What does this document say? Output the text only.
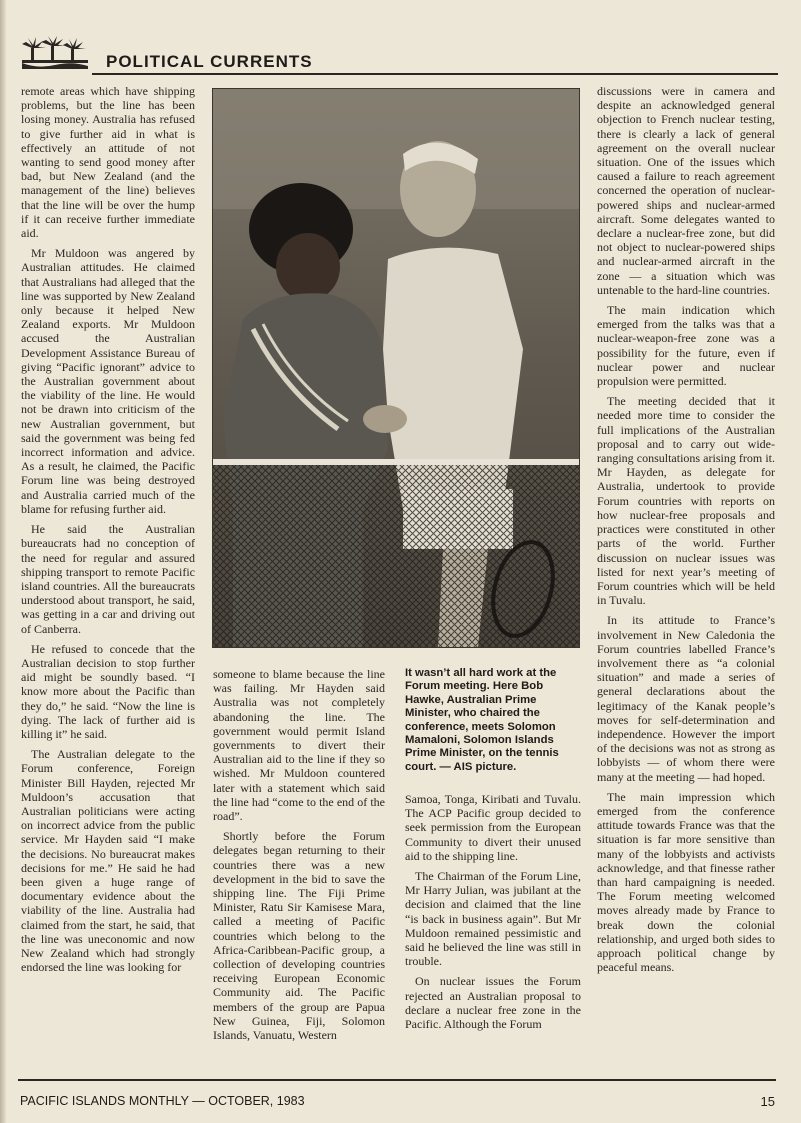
POLITICAL CURRENTS

remote areas which have shipping problems, but the line has been losing money. Australia has refused to give further aid in what is effectively an attitude of not wanting to send good money after bad, but New Zealand (and the management of the line) believes that the line will be over the hump if it can receive further immediate aid.

Mr Muldoon was angered by Australian attitudes. He claimed that Australians had alleged that the line was supported by New Zealand only because it helped New Zealand exports. Mr Muldoon accused the Australian Development Assistance Bureau of giving “Pacific ignorant” advice to the Australian government about the viability of the line. He would not be drawn into criticism of the new Australian government, but said the government was being fed incorrect information and advice. As a result, he claimed, the Pacific Forum line was being destroyed and Australia carried much of the blame for refusing further aid.

He said the Australian bureaucrats had no conception of the need for regular and assured shipping transport to remote Pacific island countries. All the bureaucrats understood about transport, he said, was getting in a car and driving out of Canberra.

He refused to concede that the Australian decision to stop further aid might be soundly based. “I know more about the Pacific than they do,” he said. “Now the line is dying. The lack of further aid is killing it” he said.

The Australian delegate to the Forum conference, Foreign Minister Bill Hayden, rejected Mr Muldoon’s accusation that Australian politicians were acting on incorrect advice from the public service. Mr Hayden said “I make the decisions. No bureaucrat makes decisions for me.” He said he had been given a huge range of documentary evidence about the viability of the line. Australia had claimed from the start, he said, that the line was uneconomic and now New Zealand which had strongly endorsed the line was looking for

someone to blame because the line was failing. Mr Hayden said Australia was not completely abandoning the line. The government would permit Island governments to divert their Australian aid to the line if they so wished. Mr Muldoon countered later with a statement which said the line had “come to the end of the road”.

Shortly before the Forum delegates began returning to their countries there was a new development in the bid to save the shipping line. The Fiji Prime Minister, Ratu Sir Kamisese Mara, called a meeting of Pacific countries which belong to the Africa-Caribbean-Pacific group, a collection of developing countries receiving European Economic Community aid. The Pacific members of the group are Papua New Guinea, Fiji, Solomon Islands, Vanuatu, Western

It wasn’t all hard work at the Forum meeting. Here Bob Hawke, Australian Prime Minister, who chaired the conference, meets Solomon Mamaloni, Solomon Islands Prime Minister, on the tennis court. — AIS picture.

Samoa, Tonga, Kiribati and Tuvalu. The ACP Pacific group decided to seek permission from the European Community to divert their unused aid to the shipping line.

The Chairman of the Forum Line, Mr Harry Julian, was jubilant at the decision and claimed that the line “is back in business again”. But Mr Muldoon remained pessimistic and said he believed the line was still in trouble.

On nuclear issues the Forum rejected an Australian proposal to declare a nuclear free zone in the Pacific. Although the Forum

discussions were in camera and despite an acknowledged general objection to French nuclear testing, there is clearly a lack of general agreement on the overall nuclear situation. One of the issues which caused a failure to reach agreement concerned the operation of nuclear-powered ships and nuclear-armed aircraft. Some delegates wanted to declare a nuclear-free zone, but did not object to nuclear-powered ships and nuclear-armed aircraft in the zone — a situation which was untenable to the hard-line countries.

The main indication which emerged from the talks was that a nuclear-weapon-free zone was a possibility for the future, even if nuclear power and nuclear propulsion were permitted.

The meeting decided that it needed more time to consider the full implications of the Australian proposal and to carry out wide-ranging consultations arising from it. Mr Hayden, as delegate for Australia, undertook to provide Forum countries with reports on how nuclear-free proposals and practices were constituted in other parts of the world. Further discussion on nuclear issues was listed for next year’s meeting of Forum countries which will be held in Tuvalu.

In its attitude to France’s involvement in New Caledonia the Forum countries labelled France’s involvement there as “a colonial situation” and made a series of general declarations about the legitimacy of the Kanak people’s moves for self-determination and independence. However the import of the decisions was not as strong as lobbyists — of whom there were many at the meeting — had hoped.

The main impression which emerged from the conference attitude towards France was that the situation is far more sensitive than many of the lobbyists and activists acknowledge, and that finesse rather than hard campaigning is needed. The Forum meeting welcomed moves already made by France to break down the colonial relationship, and urged both sides to approach political change by peaceful means.

PACIFIC ISLANDS MONTHLY — OCTOBER, 1983	15
